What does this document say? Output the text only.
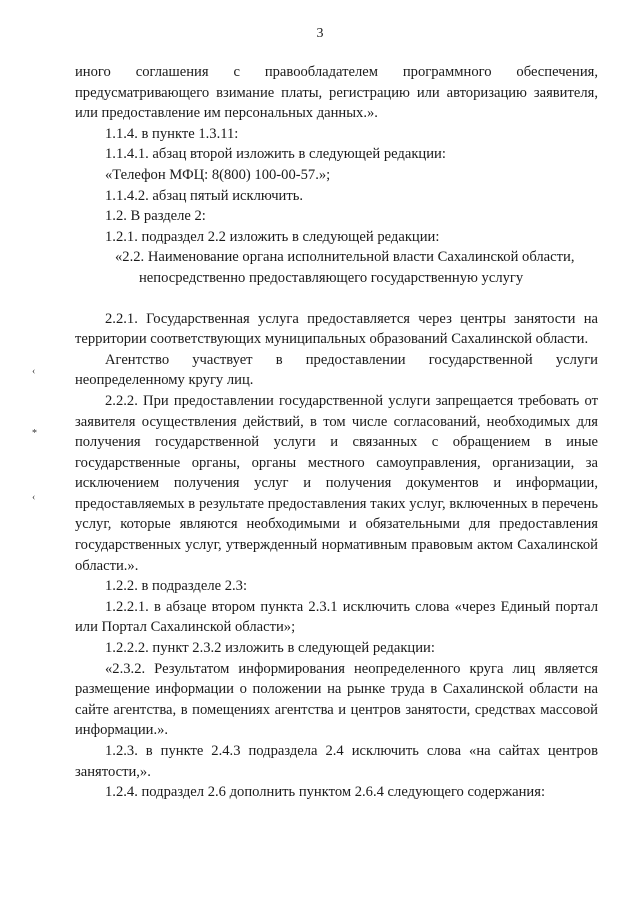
3

иного соглашения с правообладателем программного обеспечения, предусматривающего взимание платы, регистрацию или авторизацию заявителя, или предоставление им персональных данных.».

1.1.4. в пункте 1.3.11:

1.1.4.1. абзац второй изложить в следующей редакции:

«Телефон МФЦ: 8(800) 100-00-57.»;

1.1.4.2. абзац пятый исключить.

1.2. В разделе 2:

1.2.1. подраздел 2.2 изложить в следующей редакции:

«2.2. Наименование органа исполнительной власти Сахалинской области,
непосредственно предоставляющего государственную услугу

2.2.1. Государственная услуга предоставляется через центры занятости на территории соответствующих муниципальных образований Сахалинской области.

Агентство участвует в предоставлении государственной услуги неопределенному кругу лиц.

2.2.2. При предоставлении государственной услуги запрещается требовать от заявителя осуществления действий, в том числе согласований, необходимых для получения государственной услуги и связанных с обращением в иные государственные органы, органы местного самоуправления, организации, за исключением получения услуг и получения документов и информации, предоставляемых в результате предоставления таких услуг, включенных в перечень услуг, которые являются необходимыми и обязательными для предоставления государственных услуг, утвержденный нормативным правовым актом Сахалинской области.».

1.2.2. в подразделе 2.3:

1.2.2.1. в абзаце втором пункта 2.3.1 исключить слова «через Единый портал или Портал Сахалинской области»;

1.2.2.2. пункт 2.3.2 изложить в следующей редакции:

«2.3.2. Результатом информирования неопределенного круга лиц является размещение информации о положении на рынке труда в Сахалинской области на сайте агентства, в помещениях агентства и центров занятости, средствах массовой информации.».

1.2.3. в пункте 2.4.3 подраздела 2.4 исключить слова «на сайтах центров занятости,».

1.2.4. подраздел 2.6 дополнить пунктом 2.6.4 следующего содержания:

‹
*
‹
